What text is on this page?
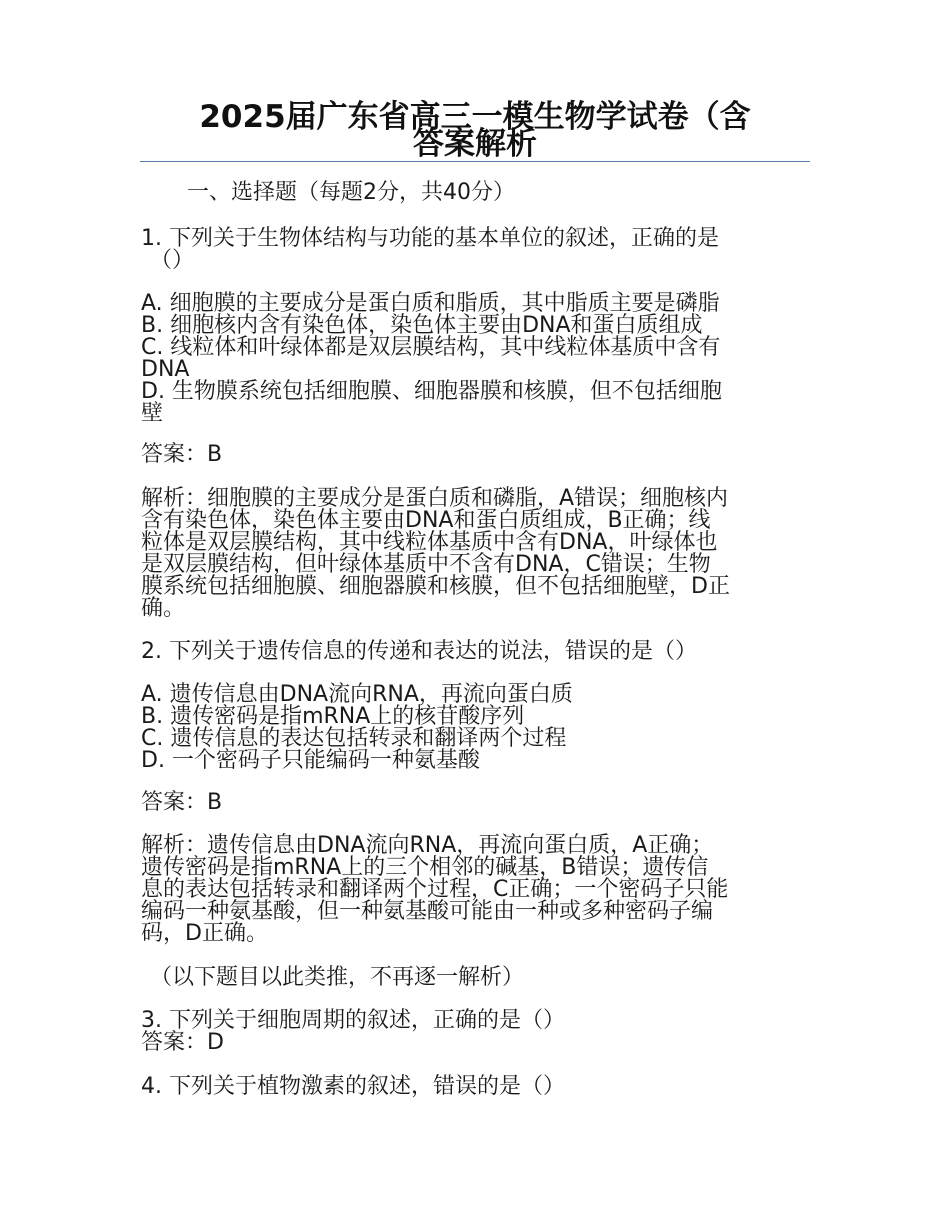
2025届广东省高三一模生物学试卷（含
答案解析
一、选择题（每题2分，共40分）
1. 下列关于生物体结构与功能的基本单位的叙述，正确的是
（）
A. 细胞膜的主要成分是蛋白质和脂质，其中脂质主要是磷脂
B. 细胞核内含有染色体，染色体主要由DNA和蛋白质组成
C. 线粒体和叶绿体都是双层膜结构，其中线粒体基质中含有
DNA
D. 生物膜系统包括细胞膜、细胞器膜和核膜，但不包括细胞
壁
答案：B
解析：细胞膜的主要成分是蛋白质和磷脂，A错误；细胞核内
含有染色体，染色体主要由DNA和蛋白质组成，B正确；线
粒体是双层膜结构，其中线粒体基质中含有DNA，叶绿体也
是双层膜结构，但叶绿体基质中不含有DNA，C错误；生物
膜系统包括细胞膜、细胞器膜和核膜，但不包括细胞壁，D正
确。
2. 下列关于遗传信息的传递和表达的说法，错误的是（）
A. 遗传信息由DNA流向RNA，再流向蛋白质
B. 遗传密码是指mRNA上的核苷酸序列
C. 遗传信息的表达包括转录和翻译两个过程
D. 一个密码子只能编码一种氨基酸
答案：B
解析：遗传信息由DNA流向RNA，再流向蛋白质，A正确；
遗传密码是指mRNA上的三个相邻的碱基，B错误；遗传信
息的表达包括转录和翻译两个过程，C正确；一个密码子只能
编码一种氨基酸，但一种氨基酸可能由一种或多种密码子编
码，D正确。
（以下题目以此类推，不再逐一解析）
3. 下列关于细胞周期的叙述，正确的是（）
答案：D
4. 下列关于植物激素的叙述，错误的是（）
